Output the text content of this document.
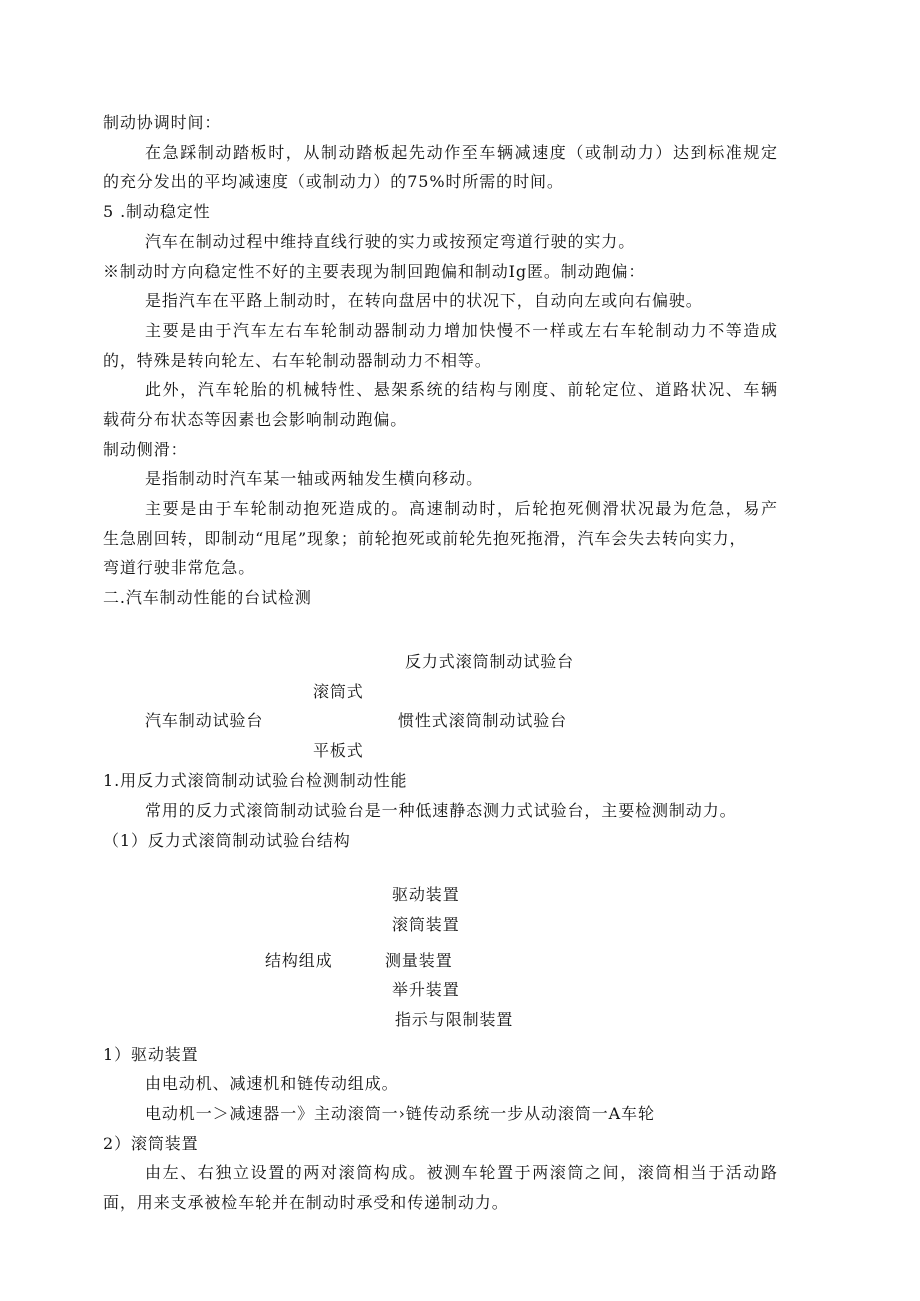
制动协调时间：
在急踩制动踏板时，从制动踏板起先动作至车辆减速度（或制动力）达到标准规定
的充分发出的平均减速度（或制动力）的75%时所需的时间。
5 .制动稳定性
汽车在制动过程中维持直线行驶的实力或按预定弯道行驶的实力。
※制动时方向稳定性不好的主要表现为制回跑偏和制动Ig匿。制动跑偏：
是指汽车在平路上制动时，在转向盘居中的状况下，自动向左或向右偏驶。
主要是由于汽车左右车轮制动器制动力增加快慢不一样或左右车轮制动力不等造成
的，特殊是转向轮左、右车轮制动器制动力不相等。
此外，汽车轮胎的机械特性、悬架系统的结构与刚度、前轮定位、道路状况、车辆
载荷分布状态等因素也会影响制动跑偏。
制动侧滑：
是指制动时汽车某一轴或两轴发生横向移动。
主要是由于车轮制动抱死造成的。高速制动时，后轮抱死侧滑状况最为危急，易产
生急剧回转，即制动“甩尾”现象；前轮抱死或前轮先抱死拖滑，汽车会失去转向实力，
弯道行驶非常危急。
二.汽车制动性能的台试检测
反力式滚筒制动试验台
滚筒式
汽车制动试验台	惯性式滚筒制动试验台
平板式
1.用反力式滚筒制动试验台检测制动性能
常用的反力式滚筒制动试验台是一种低速静态测力式试验台，主要检测制动力。
（1）反力式滚筒制动试验台结构
驱动装置
滚筒装置
结构组成	测量装置
举升装置
指示与限制装置
1）驱动装置
由电动机、减速机和链传动组成。
电动机一＞减速器一》主动滚筒一›链传动系统一步从动滚筒一A车轮
2）滚筒装置
由左、右独立设置的两对滚筒构成。被测车轮置于两滚筒之间，滚筒相当于活动路
面，用来支承被检车轮并在制动时承受和传递制动力。
